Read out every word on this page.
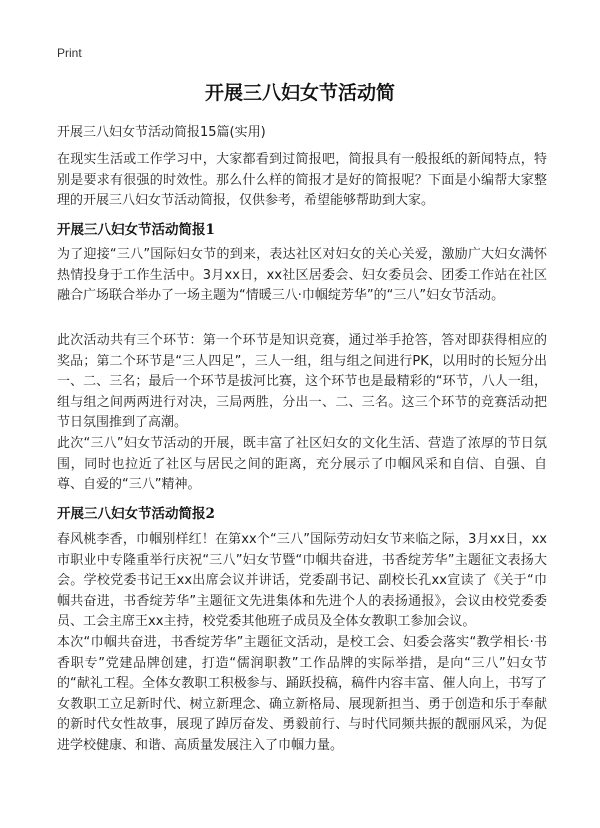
Print
开展三八妇女节活动简
开展三八妇女节活动简报15篇(实用)

在现实生活或工作学习中，大家都看到过简报吧，简报具有一般报纸的新闻特点，特别是要求有很强的时效性。那么什么样的简报才是好的简报呢？下面是小编帮大家整理的开展三八妇女节活动简报，仅供参考，希望能够帮助到大家。

开展三八妇女节活动简报1

为了迎接“三八”国际妇女节的到来，表达社区对妇女的关心关爱，激励广大妇女满怀热情投身于工作生活中。3月xx日，xx社区居委会、妇女委员会、团委工作站在社区融合广场联合举办了一场主题为“情暖三八·巾帼绽芳华”的“三八”妇女节活动。

此次活动共有三个环节：第一个环节是知识竞赛，通过举手抢答，答对即获得相应的奖品；第二个环节是“三人四足”，三人一组，组与组之间进行PK，以用时的长短分出一、二、三名；最后一个环节是拔河比赛，这个环节也是最精彩的“环节，八人一组，组与组之间两两进行对决，三局两胜，分出一、二、三名。这三个环节的竞赛活动把节日氛围推到了高潮。

此次“三八”妇女节活动的开展，既丰富了社区妇女的文化生活、营造了浓厚的节日氛围，同时也拉近了社区与居民之间的距离，充分展示了巾帼风采和自信、自强、自尊、自爱的“三八”精神。

开展三八妇女节活动简报2

春风桃李香，巾帼别样红！在第xx个“三八”国际劳动妇女节来临之际，3月xx日，xx市职业中专隆重举行庆祝“三八”妇女节暨“巾帼共奋进，书香绽芳华”主题征文表扬大会。学校党委书记王xx出席会议并讲话，党委副书记、副校长孔xx宣读了《关于“巾帼共奋进，书香绽芳华”主题征文先进集体和先进个人的表扬通报》，会议由校党委委员、工会主席王xx主持，校党委其他班子成员及全体女教职工参加会议。

本次“巾帼共奋进，书香绽芳华”主题征文活动，是校工会、妇委会落实“教学相长·书香职专”党建品牌创建，打造“儒润职教”工作品牌的实际举措，是向“三八”妇女节的“献礼工程。全体女教职工积极参与、踊跃投稿，稿件内容丰富、催人向上，书写了女教职工立足新时代、树立新理念、确立新格局、展现新担当、勇于创造和乐于奉献的新时代女性故事，展现了踔厉奋发、勇毅前行、与时代同频共振的靓丽风采，为促进学校健康、和谐、高质量发展注入了巾帼力量。
